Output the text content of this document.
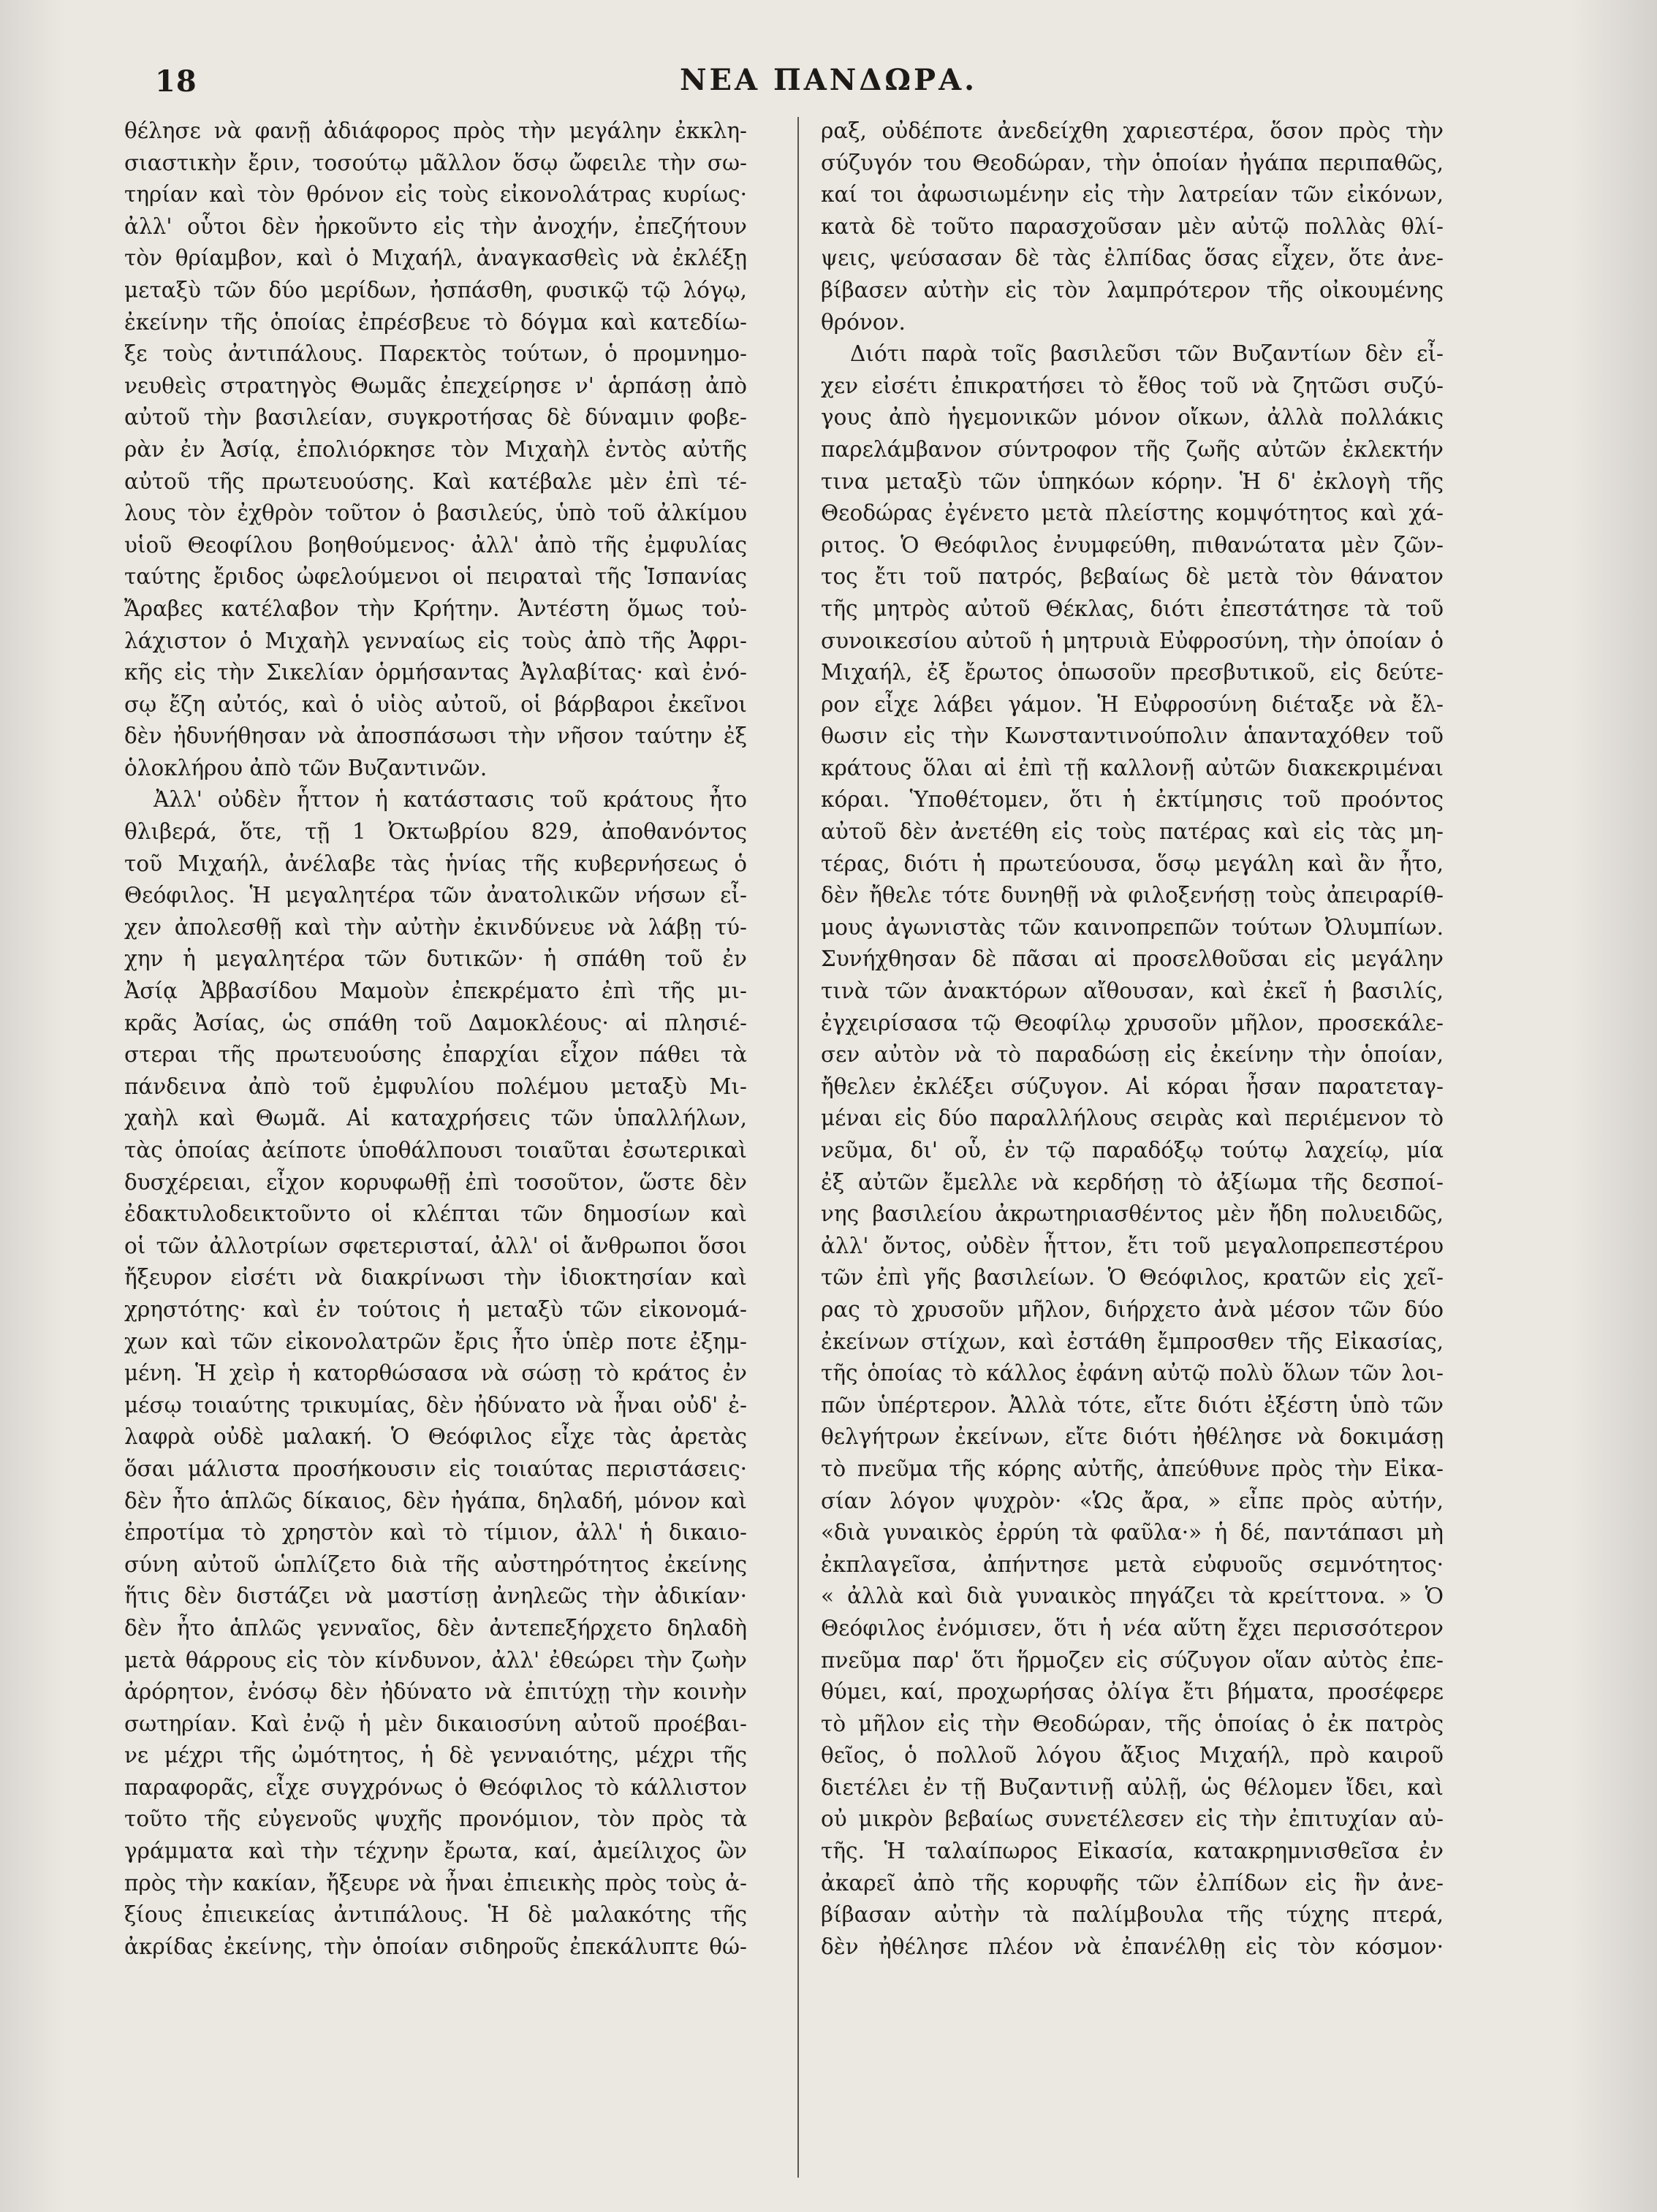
18	ΝΕΑ ΠΑΝΔΩΡΑ.
θέλησε νὰ φανῇ ἀδιάφορος πρὸς τὴν μεγάλην ἐκκλη-
σιαστικὴν ἔριν, τοσούτῳ μᾶλλον ὅσῳ ὤφειλε τὴν σω-
τηρίαν καὶ τὸν θρόνον εἰς τοὺς εἰκονολάτρας κυρίως·
ἀλλ' οὗτοι δὲν ἠρκοῦντο εἰς τὴν ἀνοχήν, ἐπεζήτουν
τὸν θρίαμβον, καὶ ὁ Μιχαήλ, ἀναγκασθεὶς νὰ ἐκλέξῃ
μεταξὺ τῶν δύο μερίδων, ἠσπάσθη, φυσικῷ τῷ λόγῳ,
ἐκείνην τῆς ὁποίας ἐπρέσβευε τὸ δόγμα καὶ κατεδίω-
ξε τοὺς ἀντιπάλους. Παρεκτὸς τούτων, ὁ προμνημο-
νευθεὶς στρατηγὸς Θωμᾶς ἐπεχείρησε ν' ἁρπάσῃ ἀπὸ
αὐτοῦ τὴν βασιλείαν, συγκροτήσας δὲ δύναμιν φοβε-
ρὰν ἐν Ἀσίᾳ, ἐπολιόρκησε τὸν Μιχαὴλ ἐντὸς αὐτῆς
αὐτοῦ τῆς πρωτευούσης. Καὶ κατέβαλε μὲν ἐπὶ τέ-
λους τὸν ἐχθρὸν τοῦτον ὁ βασιλεύς, ὑπὸ τοῦ ἀλκίμου
υἱοῦ Θεοφίλου βοηθούμενος· ἀλλ' ἀπὸ τῆς ἐμφυλίας
ταύτης ἔριδος ὠφελούμενοι οἱ πειραταὶ τῆς Ἱσπανίας
Ἄραβες κατέλαβον τὴν Κρήτην. Ἀντέστη ὅμως τοὐ-
λάχιστον ὁ Μιχαὴλ γενναίως εἰς τοὺς ἀπὸ τῆς Ἀφρι-
κῆς εἰς τὴν Σικελίαν ὁρμήσαντας Ἀγλαβίτας· καὶ ἐνό-
σῳ ἔζη αὐτός, καὶ ὁ υἱὸς αὐτοῦ, οἱ βάρβαροι ἐκεῖνοι
δὲν ἠδυνήθησαν νὰ ἀποσπάσωσι τὴν νῆσον ταύτην ἐξ
ὁλοκλήρου ἀπὸ τῶν Βυζαντινῶν.
Ἀλλ' οὐδὲν ἧττον ἡ κατάστασις τοῦ κράτους ἦτο
θλιβερά, ὅτε, τῇ 1 Ὀκτωβρίου 829, ἀποθανόντος
τοῦ Μιχαήλ, ἀνέλαβε τὰς ἡνίας τῆς κυβερνήσεως ὁ
Θεόφιλος. Ἡ μεγαλητέρα τῶν ἀνατολικῶν νήσων εἶ-
χεν ἀπολεσθῇ καὶ τὴν αὐτὴν ἐκινδύνευε νὰ λάβῃ τύ-
χην ἡ μεγαλητέρα τῶν δυτικῶν· ἡ σπάθη τοῦ ἐν
Ἀσίᾳ Ἀββασίδου Μαμοὺν ἐπεκρέματο ἐπὶ τῆς μι-
κρᾶς Ἀσίας, ὡς σπάθη τοῦ Δαμοκλέους· αἱ πλησιέ-
στεραι τῆς πρωτευούσης ἐπαρχίαι εἶχον πάθει τὰ
πάνδεινα ἀπὸ τοῦ ἐμφυλίου πολέμου μεταξὺ Μι-
χαὴλ καὶ Θωμᾶ. Αἱ καταχρήσεις τῶν ὑπαλλήλων,
τὰς ὁποίας ἀείποτε ὑποθάλπουσι τοιαῦται ἐσωτερικαὶ
δυσχέρειαι, εἶχον κορυφωθῇ ἐπὶ τοσοῦτον, ὥστε δὲν
ἐδακτυλοδεικτοῦντο οἱ κλέπται τῶν δημοσίων καὶ
οἱ τῶν ἀλλοτρίων σφετερισταί, ἀλλ' οἱ ἄνθρωποι ὅσοι
ἤξευρον εἰσέτι νὰ διακρίνωσι τὴν ἰδιοκτησίαν καὶ
χρηστότης· καὶ ἐν τούτοις ἡ μεταξὺ τῶν εἰκονομά-
χων καὶ τῶν εἰκονολατρῶν ἔρις ἦτο ὑπὲρ ποτε ἐξημ-
μένη. Ἡ χεὶρ ἡ κατορθώσασα νὰ σώσῃ τὸ κράτος ἐν
μέσῳ τοιαύτης τρικυμίας, δὲν ἠδύνατο νὰ ἦναι οὐδ' ἐ-
λαφρὰ οὐδὲ μαλακή. Ὁ Θεόφιλος εἶχε τὰς ἀρετὰς
ὅσαι μάλιστα προσήκουσιν εἰς τοιαύτας περιστάσεις·
δὲν ἦτο ἁπλῶς δίκαιος, δὲν ἠγάπα, δηλαδή, μόνον καὶ
ἐπροτίμα τὸ χρηστὸν καὶ τὸ τίμιον, ἀλλ' ἡ δικαιο-
σύνη αὐτοῦ ὡπλίζετο διὰ τῆς αὐστηρότητος ἐκείνης
ἥτις δὲν διστάζει νὰ μαστίσῃ ἀνηλεῶς τὴν ἀδικίαν·
δὲν ἦτο ἁπλῶς γενναῖος, δὲν ἀντεπεξήρχετο δηλαδὴ
μετὰ θάρρους εἰς τὸν κίνδυνον, ἀλλ' ἐθεώρει τὴν ζωὴν
ἀρόρητον, ἐνόσῳ δὲν ἠδύνατο νὰ ἐπιτύχῃ τὴν κοινὴν
σωτηρίαν. Καὶ ἐνῷ ἡ μὲν δικαιοσύνη αὐτοῦ προέβαι-
νε μέχρι τῆς ὠμότητος, ἡ δὲ γενναιότης, μέχρι τῆς
παραφορᾶς, εἶχε συγχρόνως ὁ Θεόφιλος τὸ κάλλιστον
τοῦτο τῆς εὐγενοῦς ψυχῆς προνόμιον, τὸν πρὸς τὰ
γράμματα καὶ τὴν τέχνην ἔρωτα, καί, ἀμείλιχος ὢν
πρὸς τὴν κακίαν, ἤξευρε νὰ ἦναι ἐπιεικὴς πρὸς τοὺς ἀ-
ξίους ἐπιεικείας ἀντιπάλους. Ἡ δὲ μαλακότης τῆς
ἀκρίδας ἐκείνης, τὴν ὁποίαν σιδηροῦς ἐπεκάλυπτε θώ-
ραξ, οὐδέποτε ἀνεδείχθη χαριεστέρα, ὅσον πρὸς τὴν
σύζυγόν του Θεοδώραν, τὴν ὁποίαν ἠγάπα περιπαθῶς,
καί τοι ἀφωσιωμένην εἰς τὴν λατρείαν τῶν εἰκόνων,
κατὰ δὲ τοῦτο παρασχοῦσαν μὲν αὐτῷ πολλὰς θλί-
ψεις, ψεύσασαν δὲ τὰς ἐλπίδας ὅσας εἶχεν, ὅτε ἀνε-
βίβασεν αὐτὴν εἰς τὸν λαμπρότερον τῆς οἰκουμένης
θρόνον.
Διότι παρὰ τοῖς βασιλεῦσι τῶν Βυζαντίων δὲν εἶ-
χεν εἰσέτι ἐπικρατήσει τὸ ἔθος τοῦ νὰ ζητῶσι συζύ-
γους ἀπὸ ἡγεμονικῶν μόνον οἴκων, ἀλλὰ πολλάκις
παρελάμβανον σύντροφον τῆς ζωῆς αὐτῶν ἐκλεκτήν
τινα μεταξὺ τῶν ὑπηκόων κόρην. Ἡ δ' ἐκλογὴ τῆς
Θεοδώρας ἐγένετο μετὰ πλείστης κομψότητος καὶ χά-
ριτος. Ὁ Θεόφιλος ἐνυμφεύθη, πιθανώτατα μὲν ζῶν-
τος ἔτι τοῦ πατρός, βεβαίως δὲ μετὰ τὸν θάνατον
τῆς μητρὸς αὐτοῦ Θέκλας, διότι ἐπεστάτησε τὰ τοῦ
συνοικεσίου αὐτοῦ ἡ μητρυιὰ Εὐφροσύνη, τὴν ὁποίαν ὁ
Μιχαήλ, ἐξ ἔρωτος ὁπωσοῦν πρεσβυτικοῦ, εἰς δεύτε-
ρον εἶχε λάβει γάμον. Ἡ Εὐφροσύνη διέταξε νὰ ἔλ-
θωσιν εἰς τὴν Κωνσταντινούπολιν ἁπανταχόθεν τοῦ
κράτους ὅλαι αἱ ἐπὶ τῇ καλλονῇ αὐτῶν διακεκριμέναι
κόραι. Ὑποθέτομεν, ὅτι ἡ ἐκτίμησις τοῦ προόντος
αὐτοῦ δὲν ἀνετέθη εἰς τοὺς πατέρας καὶ εἰς τὰς μη-
τέρας, διότι ἡ πρωτεύουσα, ὅσῳ μεγάλη καὶ ἂν ἦτο,
δὲν ἤθελε τότε δυνηθῇ νὰ φιλοξενήσῃ τοὺς ἀπειραρίθ-
μους ἀγωνιστὰς τῶν καινοπρεπῶν τούτων Ὀλυμπίων.
Συνήχθησαν δὲ πᾶσαι αἱ προσελθοῦσαι εἰς μεγάλην
τινὰ τῶν ἀνακτόρων αἴθουσαν, καὶ ἐκεῖ ἡ βασιλίς,
ἐγχειρίσασα τῷ Θεοφίλῳ χρυσοῦν μῆλον, προσεκάλε-
σεν αὐτὸν νὰ τὸ παραδώσῃ εἰς ἐκείνην τὴν ὁποίαν,
ἤθελεν ἐκλέξει σύζυγον. Αἱ κόραι ἦσαν παρατεταγ-
μέναι εἰς δύο παραλλήλους σειρὰς καὶ περιέμενον τὸ
νεῦμα, δι' οὗ, ἐν τῷ παραδόξῳ τούτῳ λαχείῳ, μία
ἐξ αὐτῶν ἔμελλε νὰ κερδήσῃ τὸ ἀξίωμα τῆς δεσποί-
νης βασιλείου ἀκρωτηριασθέντος μὲν ἤδη πολυειδῶς,
ἀλλ' ὄντος, οὐδὲν ἧττον, ἔτι τοῦ μεγαλοπρεπεστέρου
τῶν ἐπὶ γῆς βασιλείων. Ὁ Θεόφιλος, κρατῶν εἰς χεῖ-
ρας τὸ χρυσοῦν μῆλον, διήρχετο ἀνὰ μέσον τῶν δύο
ἐκείνων στίχων, καὶ ἐστάθη ἔμπροσθεν τῆς Εἰκασίας,
τῆς ὁποίας τὸ κάλλος ἐφάνη αὐτῷ πολὺ ὅλων τῶν λοι-
πῶν ὑπέρτερον. Ἀλλὰ τότε, εἴτε διότι ἐξέστη ὑπὸ τῶν
θελγήτρων ἐκείνων, εἴτε διότι ἠθέλησε νὰ δοκιμάσῃ
τὸ πνεῦμα τῆς κόρης αὐτῆς, ἀπεύθυνε πρὸς τὴν Εἰκα-
σίαν λόγον ψυχρὸν· «Ὡς ἄρα, » εἶπε πρὸς αὐτήν,
«διὰ γυναικὸς ἐρρύη τὰ φαῦλα·» ἡ δέ, παντάπασι μὴ
ἐκπλαγεῖσα, ἀπήντησε μετὰ εὐφυοῦς σεμνότητος·
« ἀλλὰ καὶ διὰ γυναικὸς πηγάζει τὰ κρείττονα. » Ὁ
Θεόφιλος ἐνόμισεν, ὅτι ἡ νέα αὕτη ἔχει περισσότερον
πνεῦμα παρ' ὅτι ἥρμοζεν εἰς σύζυγον οἵαν αὐτὸς ἐπε-
θύμει, καί, προχωρήσας ὀλίγα ἔτι βήματα, προσέφερε
τὸ μῆλον εἰς τὴν Θεοδώραν, τῆς ὁποίας ὁ ἐκ πατρὸς
θεῖος, ὁ πολλοῦ λόγου ἄξιος Μιχαήλ, πρὸ καιροῦ
διετέλει ἐν τῇ Βυζαντινῇ αὐλῇ, ὡς θέλομεν ἴδει, καὶ
οὐ μικρὸν βεβαίως συνετέλεσεν εἰς τὴν ἐπιτυχίαν αὐ-
τῆς. Ἡ ταλαίπωρος Εἰκασία, κατακρημνισθεῖσα ἐν
ἀκαρεῖ ἀπὸ τῆς κορυφῆς τῶν ἐλπίδων εἰς ἣν ἀνε-
βίβασαν αὐτὴν τὰ παλίμβουλα τῆς τύχης πτερά,
δὲν ἠθέλησε πλέον νὰ ἐπανέλθῃ εἰς τὸν κόσμον·
